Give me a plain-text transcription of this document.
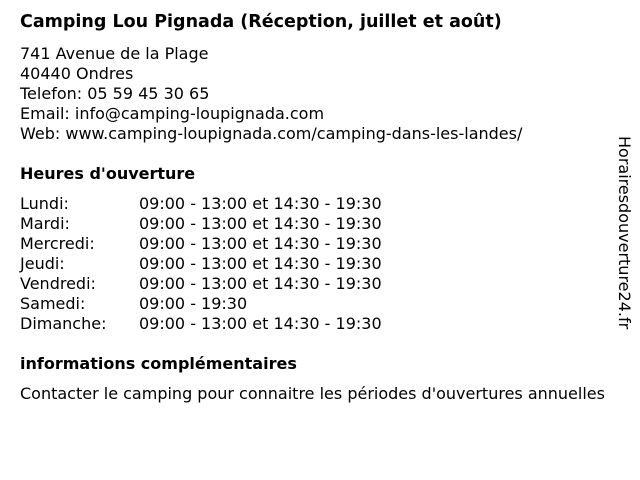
Camping Lou Pignada (Réception, juillet et août)
741 Avenue de la Plage
40440 Ondres
Telefon: 05 59 45 30 65
Email: info@camping-loupignada.com
Web: www.camping-loupignada.com/camping-dans-les-landes/
Heures d'ouverture
Lundi:	09:00 - 13:00 et 14:30 - 19:30
Mardi:	09:00 - 13:00 et 14:30 - 19:30
Mercredi:	09:00 - 13:00 et 14:30 - 19:30
Jeudi:	09:00 - 13:00 et 14:30 - 19:30
Vendredi:	09:00 - 13:00 et 14:30 - 19:30
Samedi:	09:00 - 19:30
Dimanche: 09:00 - 13:00 et 14:30 - 19:30
informations complémentaires
Contacter le camping pour connaitre les périodes d'ouvertures annuelles
Horairesdouverture24.fr
